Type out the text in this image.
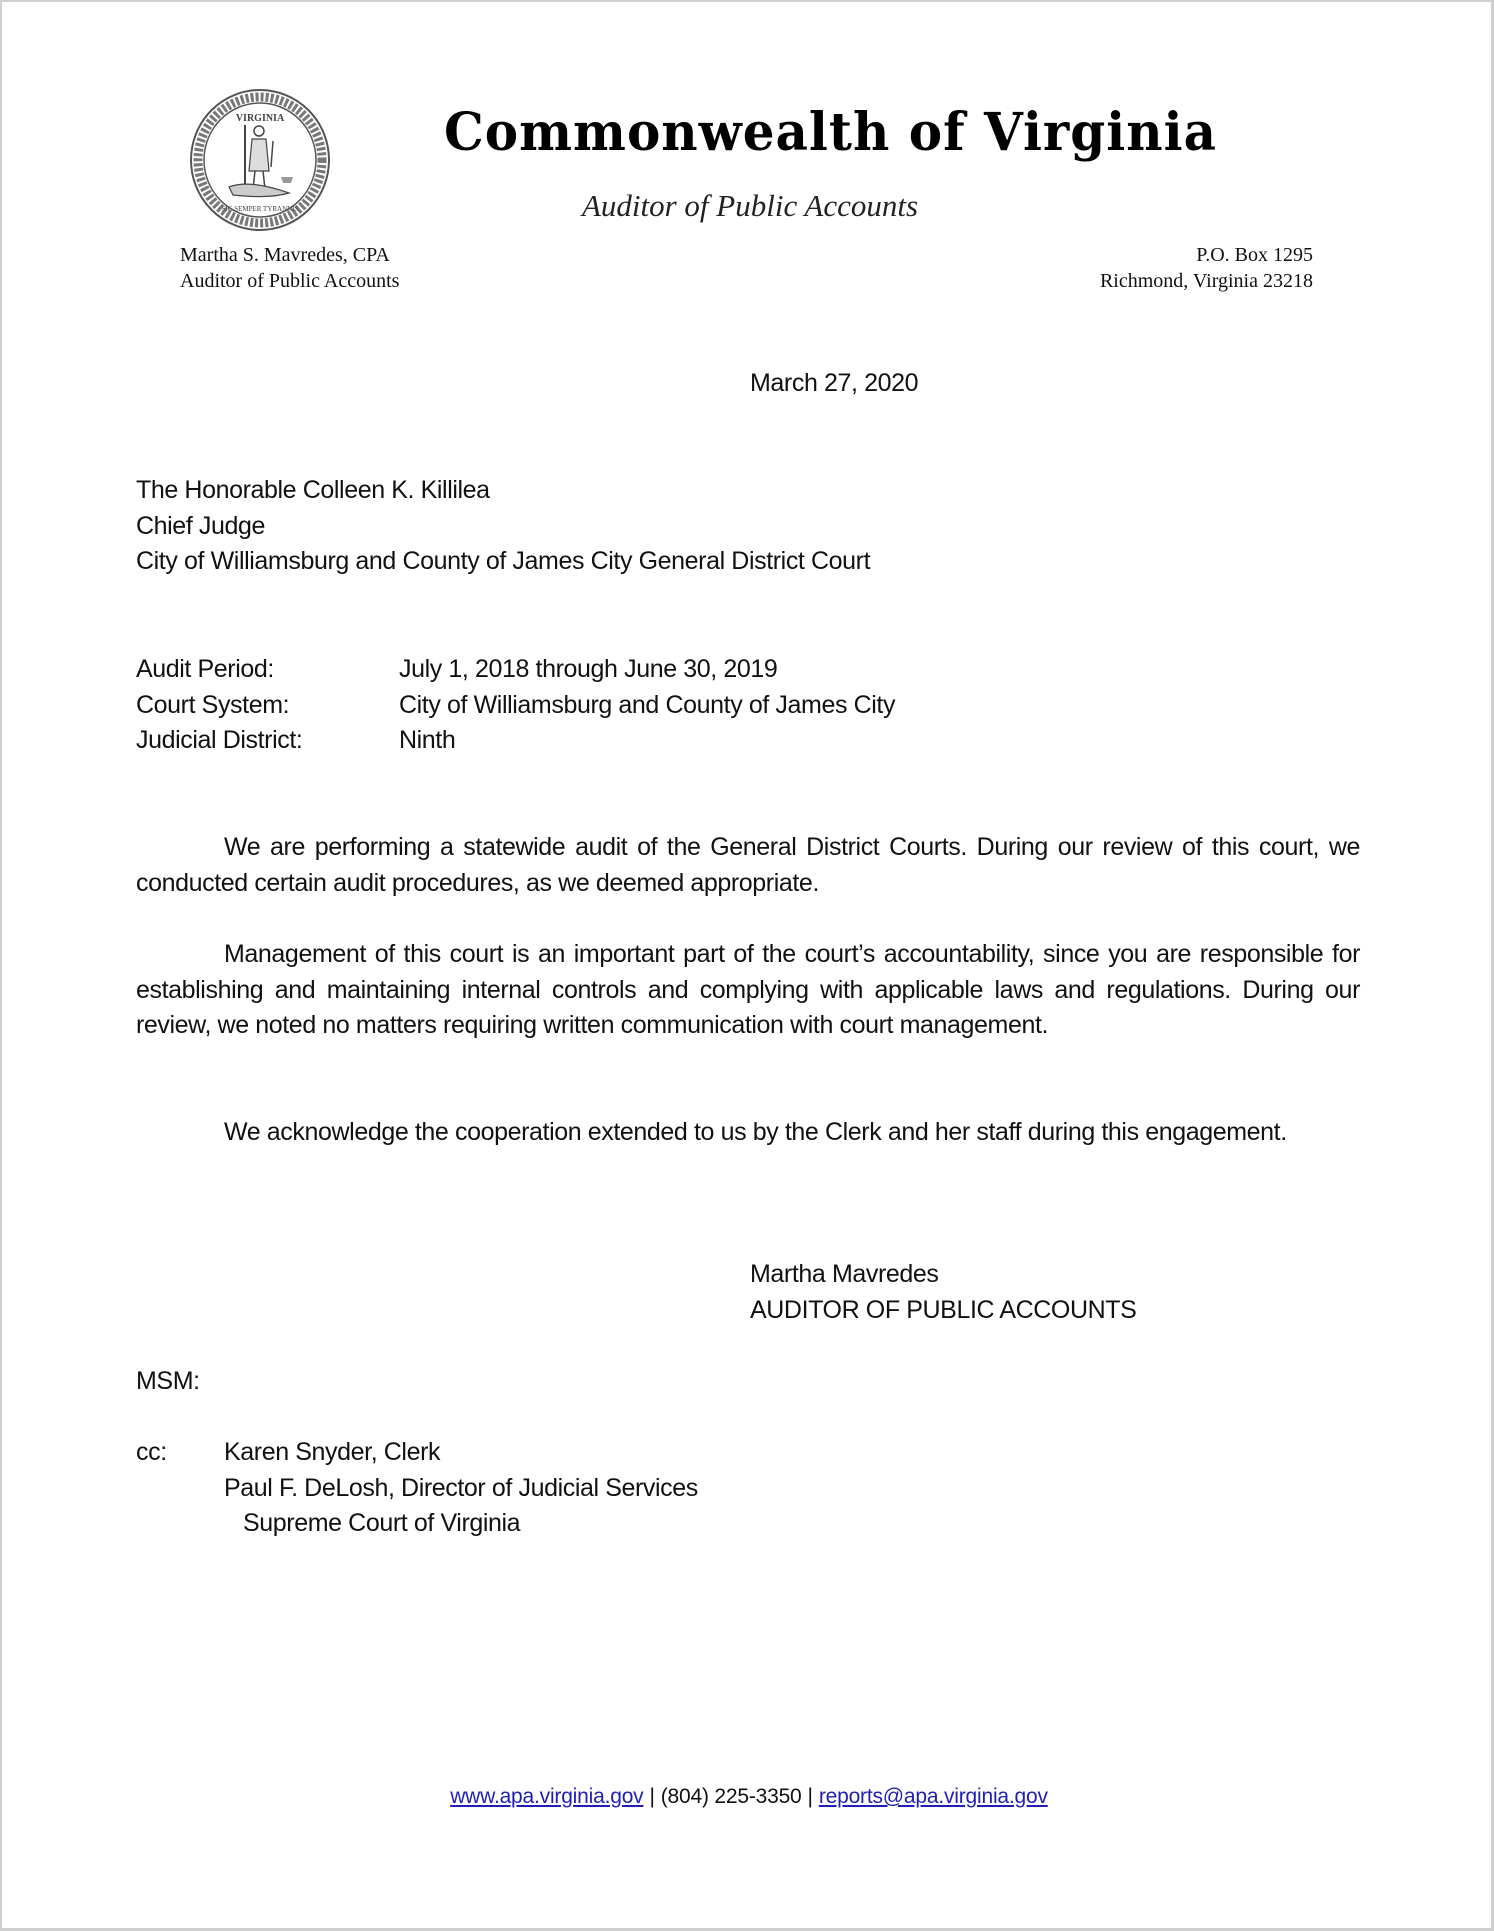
VIRGINIA
SIC SEMPER TYRANNIS
Commonwealth of Virginia
Auditor of Public Accounts
Martha S. Mavredes, CPA
Auditor of Public Accounts
P.O. Box 1295
Richmond, Virginia 23218
March 27, 2020
The Honorable Colleen K. Killilea
Chief Judge
City of Williamsburg and County of James City General District Court
Audit Period:	July 1, 2018 through June 30, 2019
Court System:	City of Williamsburg and County of James City
Judicial District:	Ninth
We are performing a statewide audit of the General District Courts. During our review of this court, we conducted certain audit procedures, as we deemed appropriate.
Management of this court is an important part of the court’s accountability, since you are responsible for establishing and maintaining internal controls and complying with applicable laws and regulations. During our review, we noted no matters requiring written communication with court management.
We acknowledge the cooperation extended to us by the Clerk and her staff during this engagement.
Martha Mavredes
AUDITOR OF PUBLIC ACCOUNTS
MSM:
cc:	Karen Snyder, Clerk
Paul F. DeLosh, Director of Judicial Services
Supreme Court of Virginia
www.apa.virginia.gov | (804) 225-3350 | reports@apa.virginia.gov
